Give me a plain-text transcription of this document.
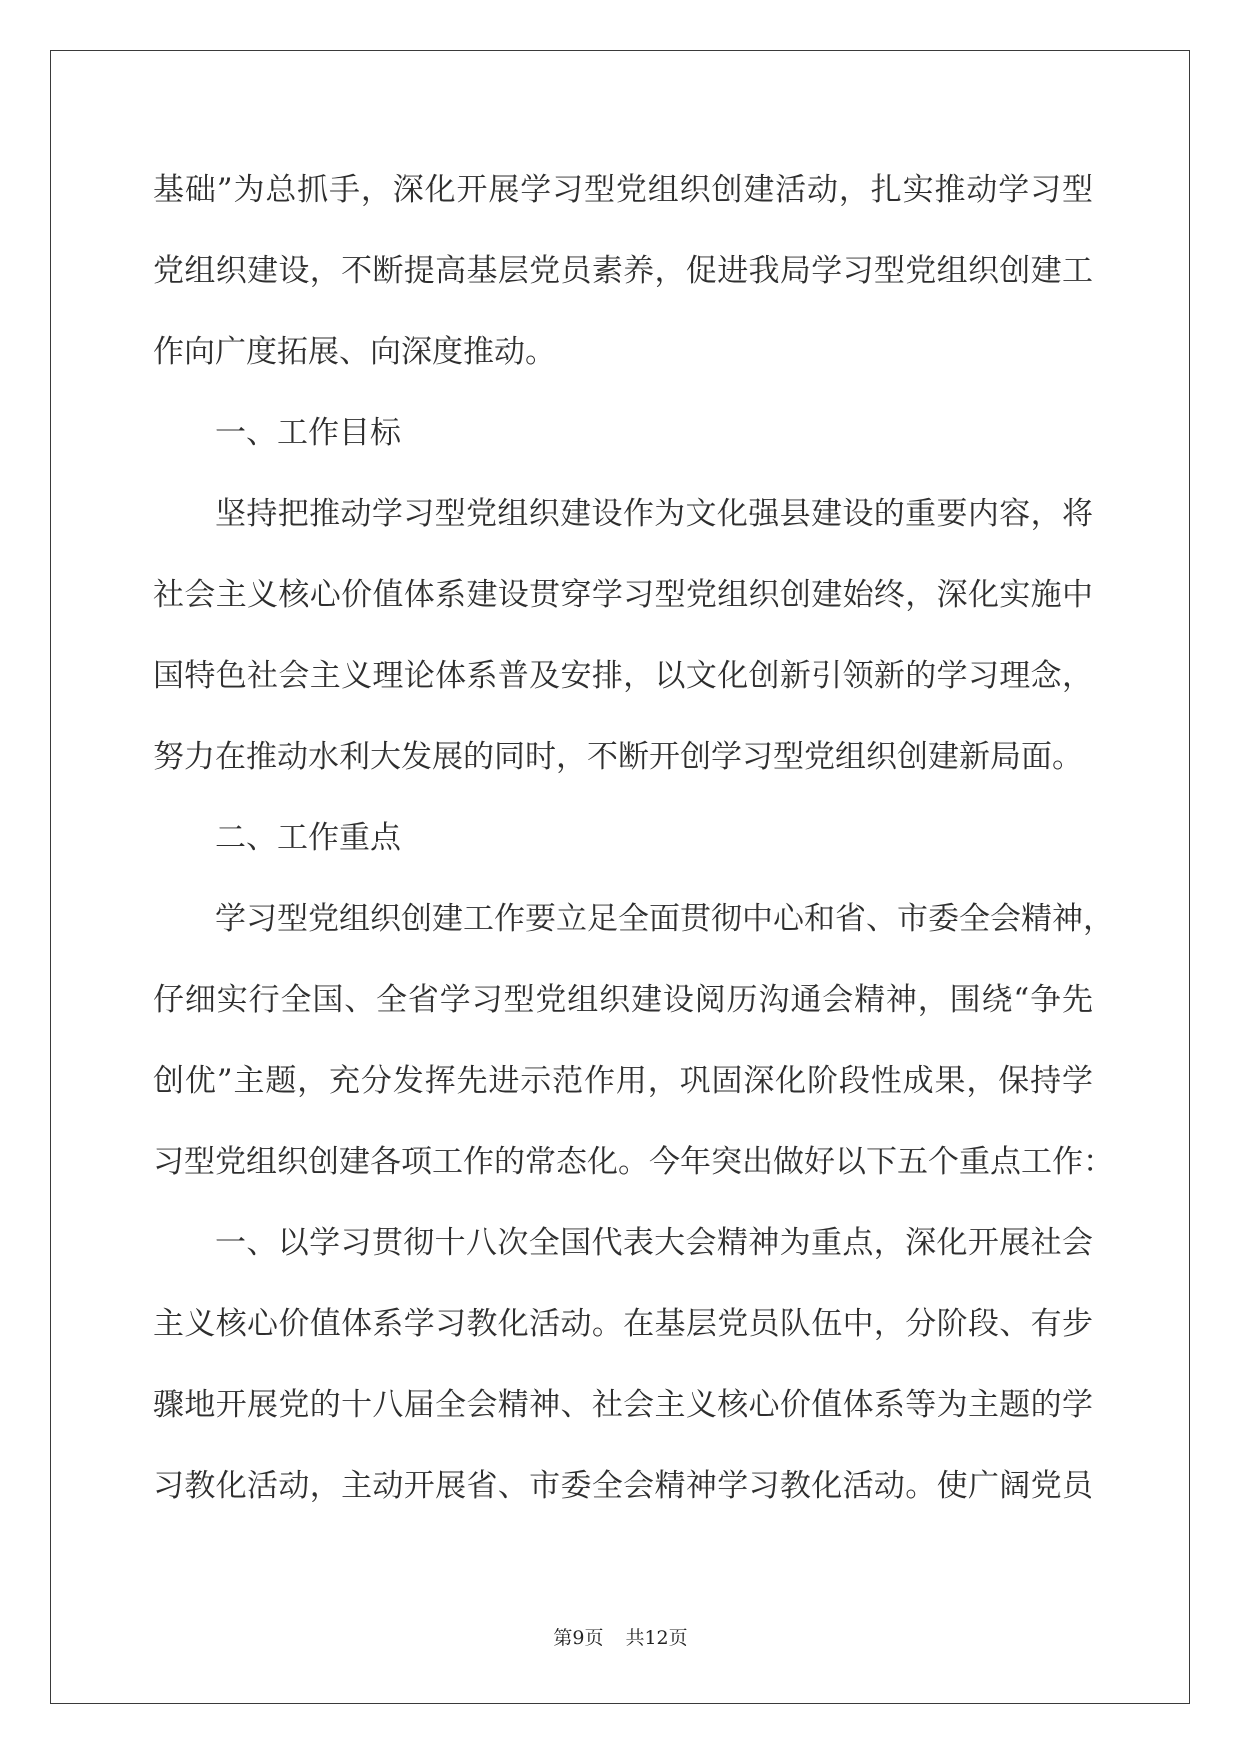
基础”为总抓手，深化开展学习型党组织创建活动，扎实推动学习型
党组织建设，不断提高基层党员素养，促进我局学习型党组织创建工
作向广度拓展、向深度推动。
一、工作目标
坚持把推动学习型党组织建设作为文化强县建设的重要内容，将
社会主义核心价值体系建设贯穿学习型党组织创建始终，深化实施中
国特色社会主义理论体系普及安排，以文化创新引领新的学习理念，
努力在推动水利大发展的同时，不断开创学习型党组织创建新局面。
二、工作重点
学习型党组织创建工作要立足全面贯彻中心和省、市委全会精神，
仔细实行全国、全省学习型党组织建设阅历沟通会精神，围绕“争先
创优”主题，充分发挥先进示范作用，巩固深化阶段性成果，保持学
习型党组织创建各项工作的常态化。今年突出做好以下五个重点工作：
一、以学习贯彻十八次全国代表大会精神为重点，深化开展社会
主义核心价值体系学习教化活动。在基层党员队伍中，分阶段、有步
骤地开展党的十八届全会精神、社会主义核心价值体系等为主题的学
习教化活动，主动开展省、市委全会精神学习教化活动。使广阔党员
第9页 共12页
